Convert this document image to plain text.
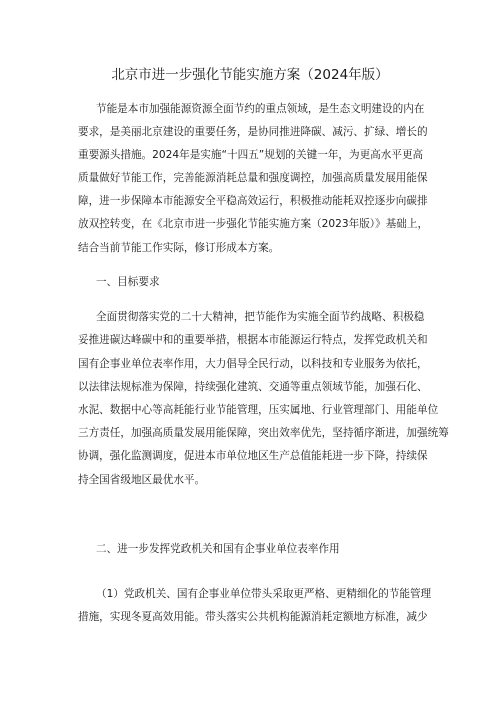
北京市进一步强化节能实施方案（2024年版）

节能是本市加强能源资源全面节约的重点领域，是生态文明建设的内在

要求，是美丽北京建设的重要任务，是协同推进降碳、减污、扩绿、增长的

重要源头措施。2024年是实施“十四五”规划的关键一年，为更高水平更高

质量做好节能工作，完善能源消耗总量和强度调控，加强高质量发展用能保

障，进一步保障本市能源安全平稳高效运行，积极推动能耗双控逐步向碳排

放双控转变，在《北京市进一步强化节能实施方案（2023年版）》基础上，

结合当前节能工作实际，修订形成本方案。

一、目标要求

全面贯彻落实党的二十大精神，把节能作为实施全面节约战略、积极稳

妥推进碳达峰碳中和的重要举措，根据本市能源运行特点，发挥党政机关和

国有企事业单位表率作用，大力倡导全民行动，以科技和专业服务为依托，

以法律法规标准为保障，持续强化建筑、交通等重点领域节能，加强石化、

水泥、数据中心等高耗能行业节能管理，压实属地、行业管理部门、用能单位

三方责任，加强高质量发展用能保障，突出效率优先，坚持循序渐进，加强统筹

协调，强化监测调度，促进本市单位地区生产总值能耗进一步下降，持续保

持全国省级地区最优水平。

二、进一步发挥党政机关和国有企事业单位表率作用

（1）党政机关、国有企事业单位带头采取更严格、更精细化的节能管理

措施，实现冬夏高效用能。带头落实公共机构能源消耗定额地方标准，减少
